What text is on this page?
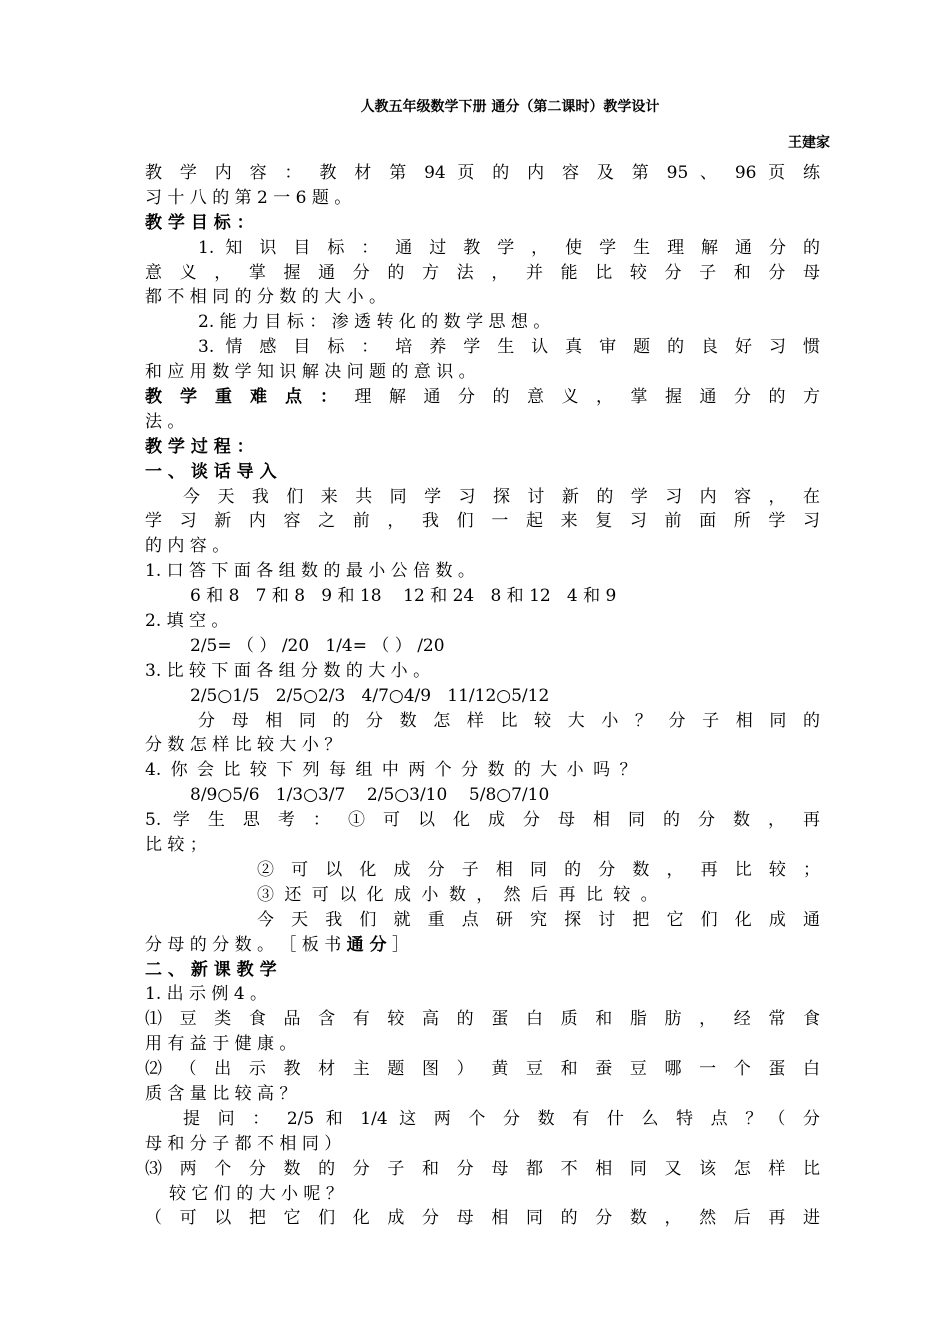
人教五年级数学下册 通分（第二课时）教学设计
王建家
教 学 内 容 ： 教 材 第 94 页 的 内 容 及 第 95 、 96 页 练
习 十 八 的 第 2 一 6 题 。
教 学 目 标 ：
1. 知 识 目 标 ： 通 过 教 学 ， 使 学 生 理 解 通 分 的
意 义 ， 掌 握 通 分 的 方 法 ， 并 能 比 较 分 子 和 分 母
都 不 相 同 的 分 数 的 大 小 。
2. 能 力 目 标 ： 渗 透 转 化 的 数 学 思 想 。
3. 情 感 目 标 ： 培 养 学 生 认 真 审 题 的 良 好 习 惯
和 应 用 数 学 知 识 解 决 问 题 的 意 识 。
教 学 重 难 点 ： 理 解 通 分 的 意 义 ， 掌 握 通 分 的 方
法 。
教 学 过 程 ：
一 、 谈 话 导 入
今 天 我 们 来 共 同 学 习 探 讨 新 的 学 习 内 容 ， 在
学 习 新 内 容 之 前 ， 我 们 一 起 来 复 习 前 面 所 学 习
的 内 容 。
1. 口 答 下 面 各 组 数 的 最 小 公 倍 数 。
6 和 8   7 和 8   9 和 18    12 和 24   8 和 12   4 和 9
2. 填 空 。
2/5= （ ） /20   1/4= （ ） /20
3. 比 较 下 面 各 组 分 数 的 大 小 。
2/5○1/5   2/5○2/3   4/7○4/9   11/12○5/12
分 母 相 同 的 分 数 怎 样 比 较 大 小 ？ 分 子 相 同 的
分 数 怎 样 比 较 大 小 ？
4. 你 会 比 较 下 列 每 组 中 两 个 分 数 的 大 小 吗 ？
8/9○5/6   1/3○3/7    2/5○3/10    5/8○7/10
5. 学 生 思 考 ： ① 可 以 化 成 分 母 相 同 的 分 数 ， 再
比 较 ；
② 可 以 化 成 分 子 相 同 的 分 数 ， 再 比 较 ；
③ 还 可 以 化 成 小 数 ， 然 后 再 比 较 。
今 天 我 们 就 重 点 研 究 探 讨 把 它 们 化 成 通
分 母 的 分 数 。 ［ 板 书 通 分 ］
二 、 新 课 教 学
1. 出 示 例 4 。
⑴ 豆 类 食 品 含 有 较 高 的 蛋 白 质 和 脂 肪 ， 经 常 食
用 有 益 于 健 康 。
⑵ （ 出 示 教 材 主 题 图 ） 黄 豆 和 蚕 豆 哪 一 个 蛋 白
质 含 量 比 较 高 ？
提 问 ： 2/5 和 1/4 这 两 个 分 数 有 什 么 特 点 ？（ 分
母 和 分 子 都 不 相 同 ）
⑶ 两 个 分 数 的 分 子 和 分 母 都 不 相 同 又 该 怎 样 比
较 它 们 的 大 小 呢 ？
（ 可 以 把 它 们 化 成 分 母 相 同 的 分 数 ， 然 后 再 进
